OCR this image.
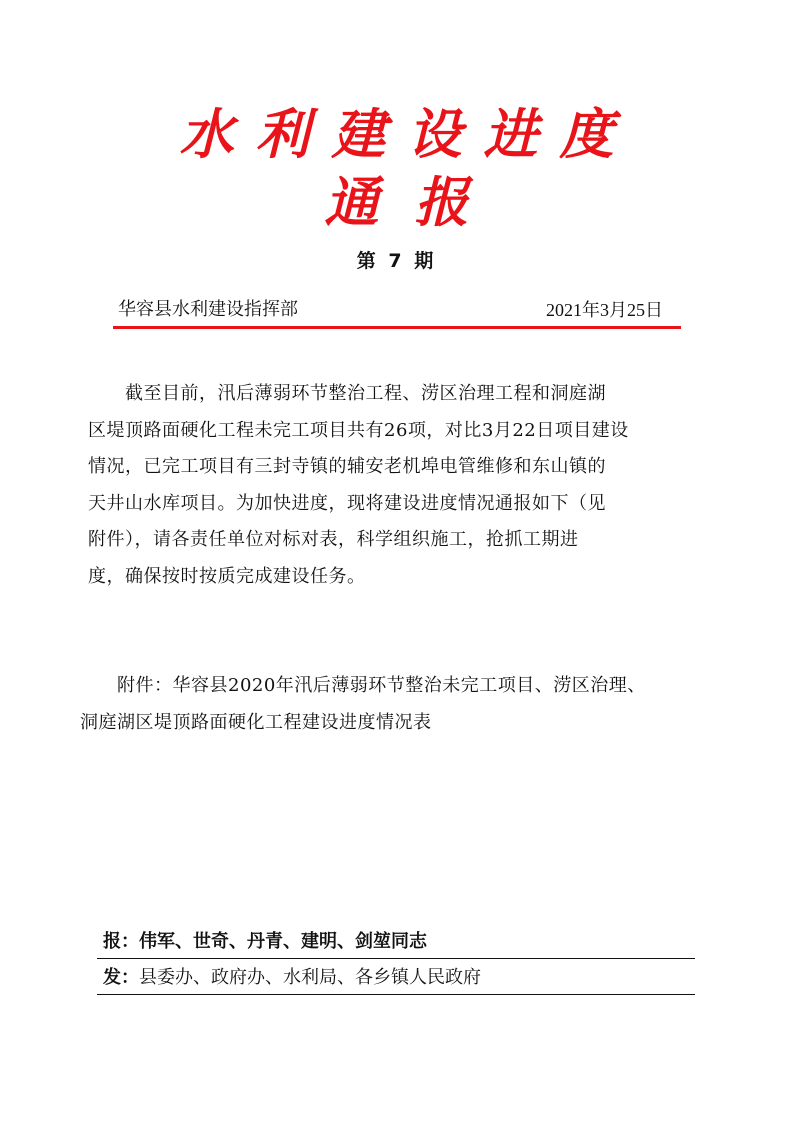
水利建设进度
通报
第 7 期
华容县水利建设指挥部	2021年3月25日
　　截至目前，汛后薄弱环节整治工程、涝区治理工程和洞庭湖
区堤顶路面硬化工程未完工项目共有26项，对比3月22日项目建设
情况，已完工项目有三封寺镇的辅安老机埠电管维修和东山镇的
天井山水库项目。为加快进度，现将建设进度情况通报如下（见
附件），请各责任单位对标对表，科学组织施工，抢抓工期进
度，确保按时按质完成建设任务。
　　附件：华容县2020年汛后薄弱环节整治未完工项目、涝区治理、
洞庭湖区堤顶路面硬化工程建设进度情况表
报：伟军、世奇、丹青、建明、剑堃同志
发：县委办、政府办、水利局、各乡镇人民政府
